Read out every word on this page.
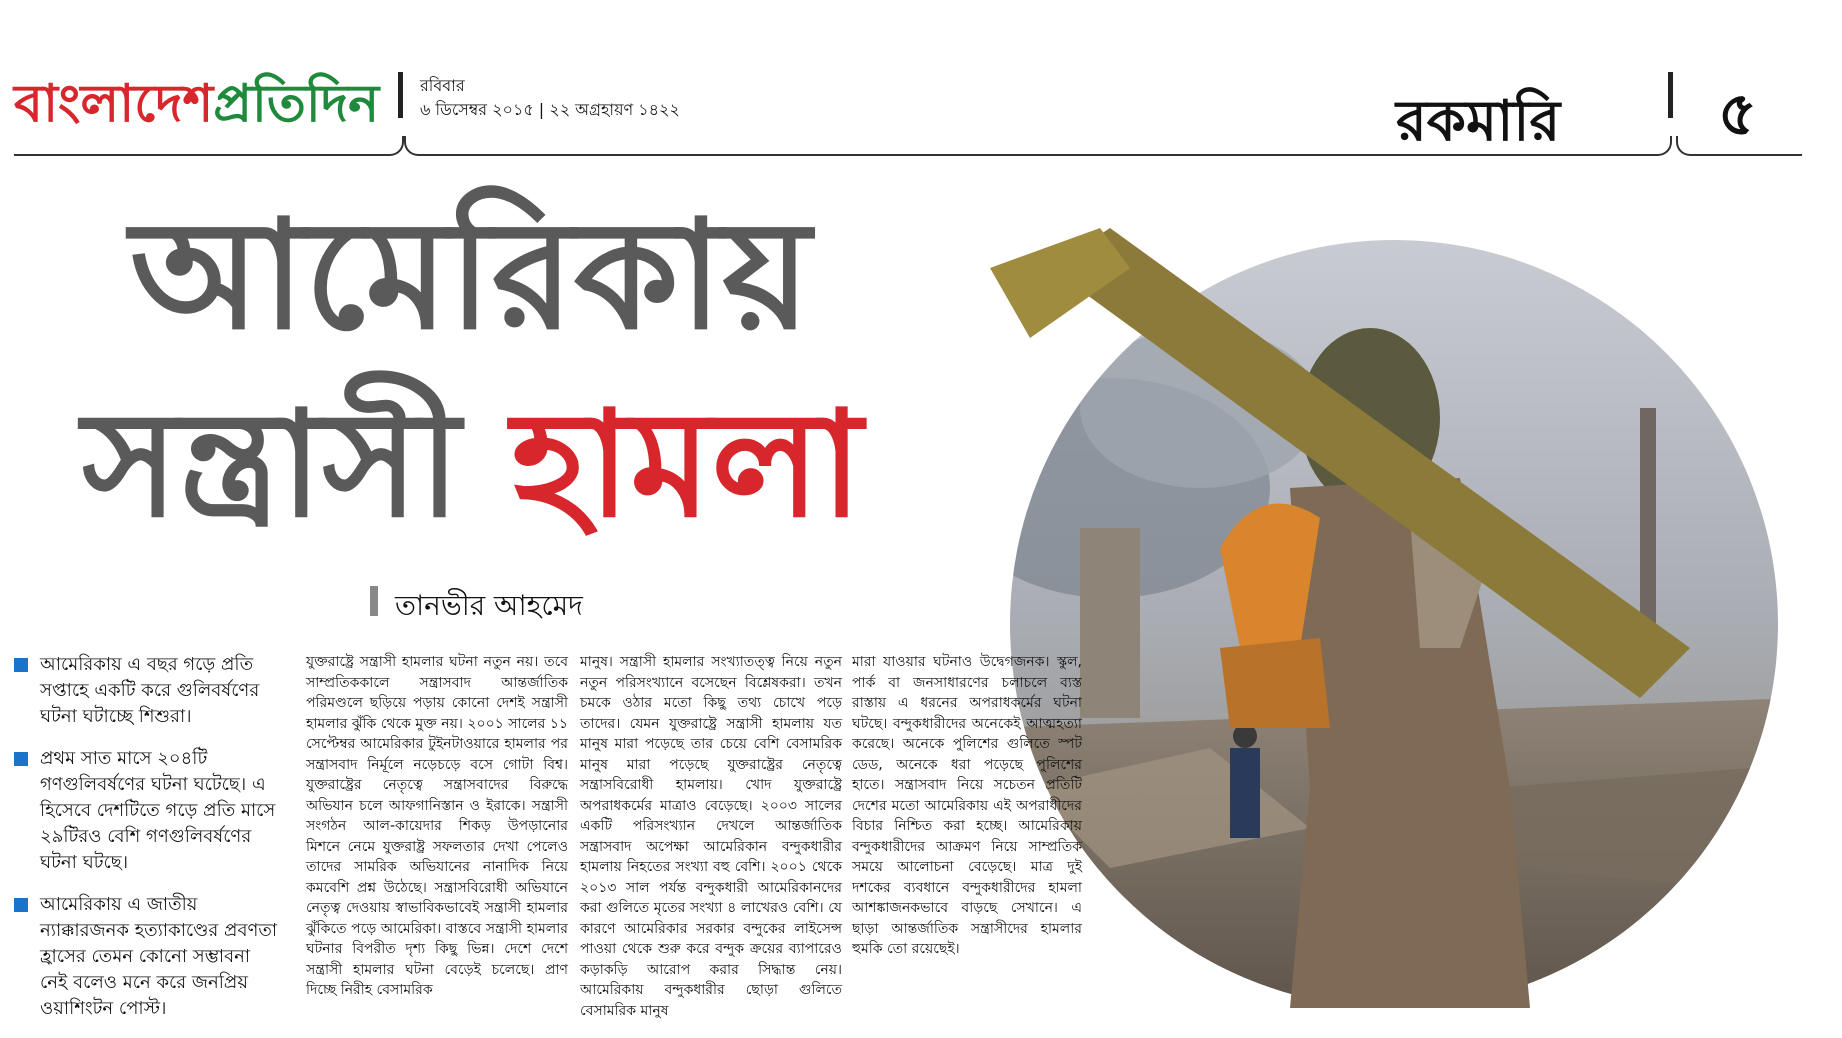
বাংলাদেশপ্রতিদিন	রবিবার
৬ ডিসেম্বর ২০১৫ | ২২ অগ্রহায়ণ ১৪২২	রকমারি	৫
আমেরিকায়
সন্ত্রাসী হামলা
তানভীর আহমেদ
আমেরিকায় এ বছর গড়ে প্রতি সপ্তাহে একটি করে গুলিবর্ষণের ঘটনা ঘটাচ্ছে শিশুরা।
প্রথম সাত মাসে ২০৪টি গণগুলিবর্ষণের ঘটনা ঘটেছে। এ হিসেবে দেশটিতে গড়ে প্রতি মাসে ২৯টিরও বেশি গণগুলিবর্ষণের ঘটনা ঘটছে।
আমেরিকায় এ জাতীয় ন্যাক্কারজনক হত্যাকাণ্ডের প্রবণতা হ্রাসের তেমন কোনো সম্ভাবনা নেই বলেও মনে করে জনপ্রিয় ওয়াশিংটন পোস্ট।

যুক্তরাষ্ট্রে সন্ত্রাসী হামলার ঘটনা নতুন নয়। তবে সাম্প্রতিককালে সন্ত্রাসবাদ আন্তর্জাতিক পরিমণ্ডলে ছড়িয়ে পড়ায় কোনো দেশই সন্ত্রাসী হামলার ঝুঁকি থেকে মুক্ত নয়। ২০০১ সালের ১১ সেপ্টেম্বর আমেরিকার টুইনটাওয়ারে হামলার পর সন্ত্রাসবাদ নির্মূলে নড়েচড়ে বসে গোটা বিশ্ব। যুক্তরাষ্ট্রের নেতৃত্বে সন্ত্রাসবাদের বিরুদ্ধে অভিযান চলে আফগানিস্তান ও ইরাকে। সন্ত্রাসী সংগঠন আল-কায়েদার শিকড় উপড়ানোর মিশনে নেমে যুক্তরাষ্ট্র সফলতার দেখা পেলেও তাদের সামরিক অভিযানের নানাদিক নিয়ে কমবেশি প্রশ্ন উঠেছে। সন্ত্রাসবিরোধী অভিযানে নেতৃত্ব দেওয়ায় স্বাভাবিকভাবেই সন্ত্রাসী হামলার ঝুঁকিতে পড়ে আমেরিকা। বাস্তবে সন্ত্রাসী হামলার ঘটনার বিপরীত দৃশ্য কিছু ভিন্ন। দেশে দেশে সন্ত্রাসী হামলার ঘটনা বেড়েই চলেছে। প্রাণ দিচ্ছে নিরীহ বেসামরিক

মানুষ। সন্ত্রাসী হামলার সংখ্যাতত্ত্ব নিয়ে নতুন নতুন পরিসংখ্যানে বসেছেন বিশ্লেষকরা। তখন চমকে ওঠার মতো কিছু তথ্য চোখে পড়ে তাদের। যেমন যুক্তরাষ্ট্রে সন্ত্রাসী হামলায় যত মানুষ মারা পড়েছে তার চেয়ে বেশি বেসামরিক মানুষ মারা পড়েছে যুক্তরাষ্ট্রের নেতৃত্বে সন্ত্রাসবিরোধী হামলায়। খোদ যুক্তরাষ্ট্রে অপরাধকর্মের মাত্রাও বেড়েছে। ২০০৩ সালের একটি পরিসংখ্যান দেখলে আন্তর্জাতিক সন্ত্রাসবাদ অপেক্ষা আমেরিকান বন্দুকধারীর হামলায় নিহতের সংখ্যা বহু বেশি। ২০০১ থেকে ২০১৩ সাল পর্যন্ত বন্দুকধারী আমেরিকানদের করা গুলিতে মৃতের সংখ্যা ৪ লাখেরও বেশি। যে কারণে আমেরিকার সরকার বন্দুকের লাইসেন্স পাওয়া থেকে শুরু করে বন্দুক ক্রয়ের ব্যাপারেও কড়াকড়ি আরোপ করার সিদ্ধান্ত নেয়। আমেরিকায় বন্দুকধারীর ছোড়া গুলিতে বেসামরিক মানুষ

মারা যাওয়ার ঘটনাও উদ্বেগজনক। স্কুল, পার্ক বা জনসাধারণের চলাচলে ব্যস্ত রাস্তায় এ ধরনের অপরাধকর্মের ঘটনা ঘটছে। বন্দুকধারীদের অনেকেই আত্মহত্যা করেছে। অনেকে পুলিশের গুলিতে স্পট ডেড, অনেকে ধরা পড়েছে পুলিশের হাতে। সন্ত্রাসবাদ নিয়ে সচেতন প্রতিটি দেশের মতো আমেরিকায় এই অপরাধীদের বিচার নিশ্চিত করা হচ্ছে। আমেরিকায় বন্দুকধারীদের আক্রমণ নিয়ে সাম্প্রতিক সময়ে আলোচনা বেড়েছে। মাত্র দুই দশকের ব্যবধানে বন্দুকধারীদের হামলা আশঙ্কাজনকভাবে বাড়ছে সেখানে। এ ছাড়া আন্তর্জাতিক সন্ত্রাসীদের হামলার হুমকি তো রয়েছেই।
